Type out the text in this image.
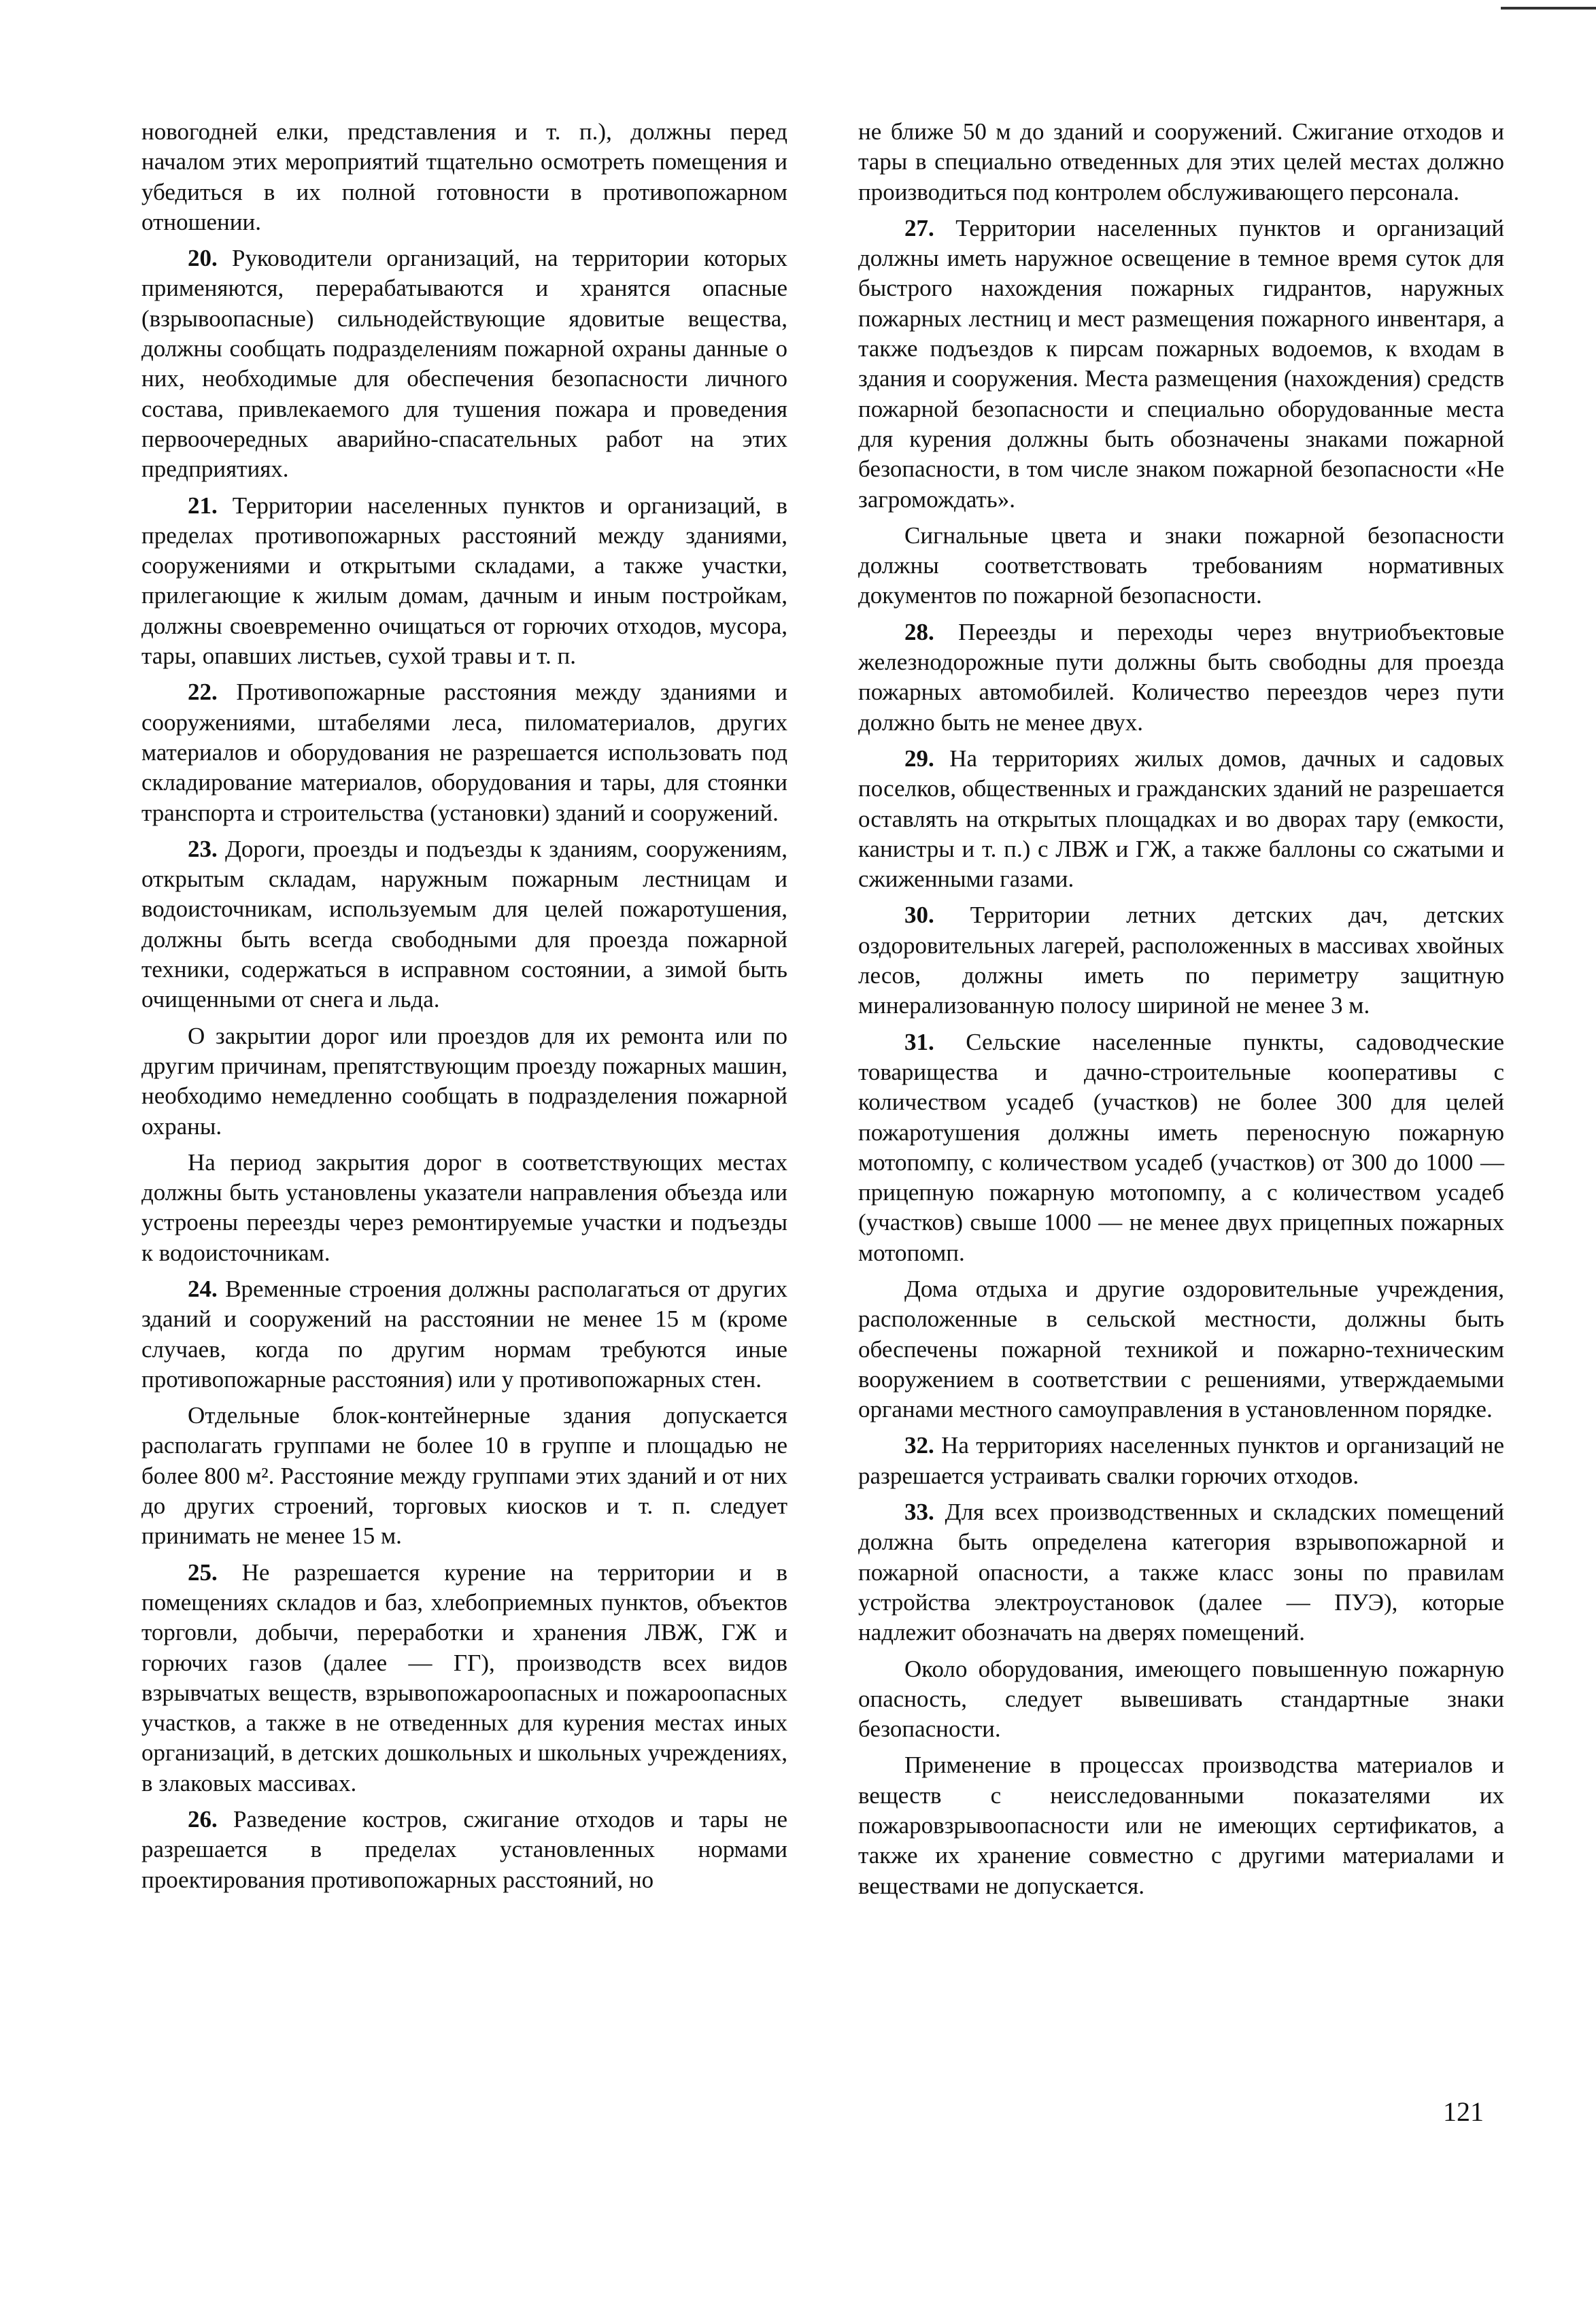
новогодней елки, представления и т. п.), должны перед началом этих мероприятий тщательно осмотреть помещения и убедиться в их полной готовности в противопожарном отношении.

20. Руководители организаций, на территории которых применяются, перерабатываются и хранятся опасные (взрывоопасные) сильнодействующие ядовитые вещества, должны сообщать подразделениям пожарной охраны данные о них, необходимые для обеспечения безопасности личного состава, привлекаемого для тушения пожара и проведения первоочередных аварийно-спасательных работ на этих предприятиях.

21. Территории населенных пунктов и организаций, в пределах противопожарных расстояний между зданиями, сооружениями и открытыми складами, а также участки, прилегающие к жилым домам, дачным и иным постройкам, должны своевременно очищаться от горючих отходов, мусора, тары, опавших листьев, сухой травы и т. п.

22. Противопожарные расстояния между зданиями и сооружениями, штабелями леса, пиломатериалов, других материалов и оборудования не разрешается использовать под складирование материалов, оборудования и тары, для стоянки транспорта и строительства (установки) зданий и сооружений.

23. Дороги, проезды и подъезды к зданиям, сооружениям, открытым складам, наружным пожарным лестницам и водоисточникам, используемым для целей пожаротушения, должны быть всегда свободными для проезда пожарной техники, содержаться в исправном состоянии, а зимой быть очищенными от снега и льда.

О закрытии дорог или проездов для их ремонта или по другим причинам, препятствующим проезду пожарных машин, необходимо немедленно сообщать в подразделения пожарной охраны.

На период закрытия дорог в соответствующих местах должны быть установлены указатели направления объезда или устроены переезды через ремонтируемые участки и подъезды к водоисточникам.

24. Временные строения должны располагаться от других зданий и сооружений на расстоянии не менее 15 м (кроме случаев, когда по другим нормам требуются иные противопожарные расстояния) или у противопожарных стен.

Отдельные блок-контейнерные здания допускается располагать группами не более 10 в группе и площадью не более 800 м². Расстояние между группами этих зданий и от них до других строений, торговых киосков и т. п. следует принимать не менее 15 м.

25. Не разрешается курение на территории и в помещениях складов и баз, хлебоприемных пунктов, объектов торговли, добычи, переработки и хранения ЛВЖ, ГЖ и горючих газов (далее — ГГ), производств всех видов взрывчатых веществ, взрывопожароопасных и пожароопасных участков, а также в не отведенных для курения местах иных организаций, в детских дошкольных и школьных учреждениях, в злаковых массивах.

26. Разведение костров, сжигание отходов и тары не разрешается в пределах установленных нормами проектирования противопожарных расстояний, но

не ближе 50 м до зданий и сооружений. Сжигание отходов и тары в специально отведенных для этих целей местах должно производиться под контролем обслуживающего персонала.

27. Территории населенных пунктов и организаций должны иметь наружное освещение в темное время суток для быстрого нахождения пожарных гидрантов, наружных пожарных лестниц и мест размещения пожарного инвентаря, а также подъездов к пирсам пожарных водоемов, к входам в здания и сооружения. Места размещения (нахождения) средств пожарной безопасности и специально оборудованные места для курения должны быть обозначены знаками пожарной безопасности, в том числе знаком пожарной безопасности «Не загромождать».

Сигнальные цвета и знаки пожарной безопасности должны соответствовать требованиям нормативных документов по пожарной безопасности.

28. Переезды и переходы через внутриобъектовые железнодорожные пути должны быть свободны для проезда пожарных автомобилей. Количество переездов через пути должно быть не менее двух.

29. На территориях жилых домов, дачных и садовых поселков, общественных и гражданских зданий не разрешается оставлять на открытых площадках и во дворах тару (емкости, канистры и т. п.) с ЛВЖ и ГЖ, а также баллоны со сжатыми и сжиженными газами.

30. Территории летних детских дач, детских оздоровительных лагерей, расположенных в массивах хвойных лесов, должны иметь по периметру защитную минерализованную полосу шириной не менее 3 м.

31. Сельские населенные пункты, садоводческие товарищества и дачно-строительные кооперативы с количеством усадеб (участков) не более 300 для целей пожаротушения должны иметь переносную пожарную мотопомпу, с количеством усадеб (участков) от 300 до 1000 — прицепную пожарную мотопомпу, а с количеством усадеб (участков) свыше 1000 — не менее двух прицепных пожарных мотопомп.

Дома отдыха и другие оздоровительные учреждения, расположенные в сельской местности, должны быть обеспечены пожарной техникой и пожарно-техническим вооружением в соответствии с решениями, утверждаемыми органами местного самоуправления в установленном порядке.

32. На территориях населенных пунктов и организаций не разрешается устраивать свалки горючих отходов.

33. Для всех производственных и складских помещений должна быть определена категория взрывопожарной и пожарной опасности, а также класс зоны по правилам устройства электроустановок (далее — ПУЭ), которые надлежит обозначать на дверях помещений.

Около оборудования, имеющего повышенную пожарную опасность, следует вывешивать стандартные знаки безопасности.

Применение в процессах производства материалов и веществ с неисследованными показателями их пожаровзрывоопасности или не имеющих сертификатов, а также их хранение совместно с другими материалами и веществами не допускается.

121
